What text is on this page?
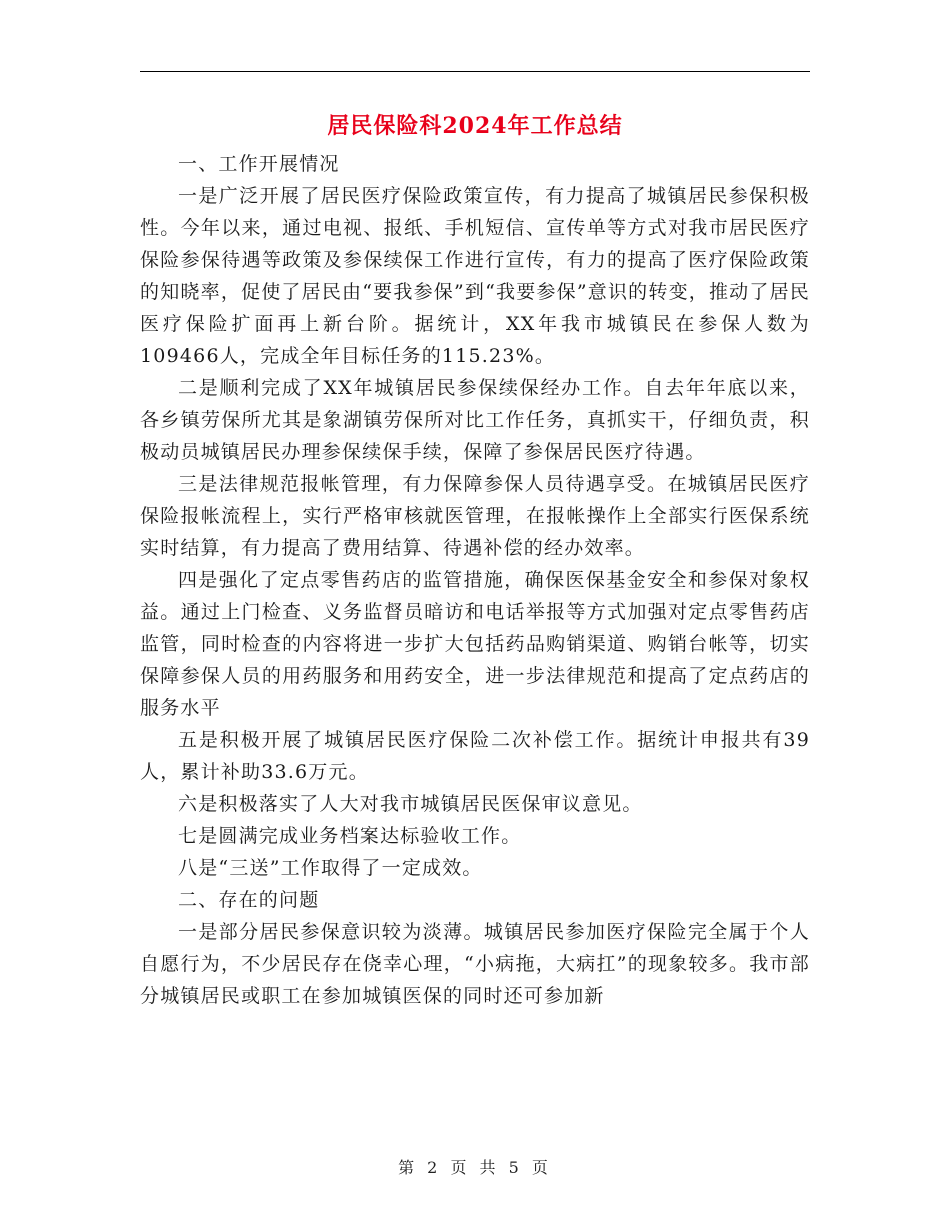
居民保险科2024年工作总结

一、工作开展情况

一是广泛开展了居民医疗保险政策宣传，有力提高了城镇居民参保积极性。今年以来，通过电视、报纸、手机短信、宣传单等方式对我市居民医疗保险参保待遇等政策及参保续保工作进行宣传，有力的提高了医疗保险政策的知晓率，促使了居民由“要我参保”到“我要参保”意识的转变，推动了居民医疗保险扩面再上新台阶。据统计，XX年我市城镇民在参保人数为109466人，完成全年目标任务的115.23%。

二是顺利完成了XX年城镇居民参保续保经办工作。自去年年底以来，各乡镇劳保所尤其是象湖镇劳保所对比工作任务，真抓实干，仔细负责，积极动员城镇居民办理参保续保手续，保障了参保居民医疗待遇。

三是法律规范报帐管理，有力保障参保人员待遇享受。在城镇居民医疗保险报帐流程上，实行严格审核就医管理，在报帐操作上全部实行医保系统实时结算，有力提高了费用结算、待遇补偿的经办效率。

四是强化了定点零售药店的监管措施，确保医保基金安全和参保对象权益。通过上门检查、义务监督员暗访和电话举报等方式加强对定点零售药店监管，同时检查的内容将进一步扩大包括药品购销渠道、购销台帐等，切实保障参保人员的用药服务和用药安全，进一步法律规范和提高了定点药店的服务水平

五是积极开展了城镇居民医疗保险二次补偿工作。据统计申报共有39人，累计补助33.6万元。

六是积极落实了人大对我市城镇居民医保审议意见。

七是圆满完成业务档案达标验收工作。

八是“三送”工作取得了一定成效。

二、存在的问题

一是部分居民参保意识较为淡薄。城镇居民参加医疗保险完全属于个人自愿行为，不少居民存在侥幸心理，“小病拖，大病扛”的现象较多。我市部分城镇居民或职工在参加城镇医保的同时还可参加新

第 2 页 共 5 页
